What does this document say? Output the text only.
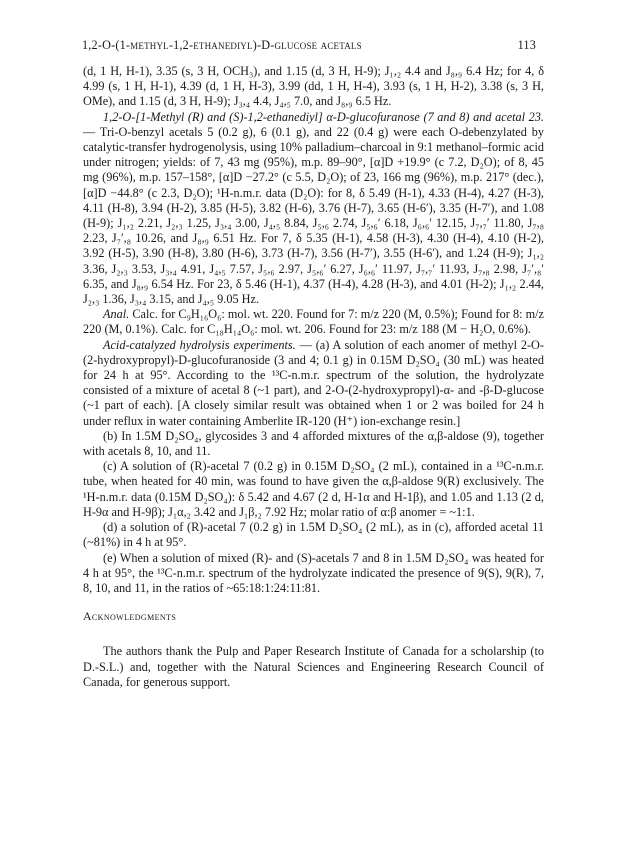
1,2-O-(1-methyl-1,2-ethanediyl)-D-glucose acetals	113

(d, 1 H, H-1), 3.35 (s, 3 H, OCH₃), and 1.15 (d, 3 H, H-9); J₁,₂ 4.4 and J₈,₉ 6.4 Hz; for 4, δ 4.99 (s, 1 H, H-1), 4.39 (d, 1 H, H-3), 3.99 (dd, 1 H, H-4), 3.93 (s, 1 H, H-2), 3.38 (s, 3 H, OMe), and 1.15 (d, 3 H, H-9); J₃,₄ 4.4, J₄,₅ 7.0, and J₈,₉ 6.5 Hz.

1,2-O-[1-Methyl (R) and (S)-1,2-ethanediyl] α-D-glucofuranose (7 and 8) and acetal 23. — Tri-O-benzyl acetals 5 (0.2 g), 6 (0.1 g), and 22 (0.4 g) were each O-debenzylated by catalytic-transfer hydrogenolysis, using 10% palladium–charcoal in 9:1 methanol–formic acid under nitrogen; yields: of 7, 43 mg (95%), m.p. 89–90°, [α]D +19.9° (c 7.2, D₂O); of 8, 45 mg (96%), m.p. 157–158°, [α]D −27.2° (c 5.5, D₂O); of 23, 166 mg (96%), m.p. 217° (dec.), [α]D −44.8° (c 2.3, D₂O); ¹H-n.m.r. data (D₂O): for 8, δ 5.49 (H-1), 4.33 (H-4), 4.27 (H-3), 4.11 (H-8), 3.94 (H-2), 3.85 (H-5), 3.82 (H-6), 3.76 (H-7), 3.65 (H-6′), 3.35 (H-7′), and 1.08 (H-9); J₁,₂ 2.21, J₂,₃ 1.25, J₃,₄ 3.00, J₄,₅ 8.84, J₅,₆ 2.74, J₅,₆′ 6.18, J₆,₆′ 12.15, J₇,₇′ 11.80, J₇,₈ 2.23, J₇′,₈ 10.26, and J₈,₉ 6.51 Hz. For 7, δ 5.35 (H-1), 4.58 (H-3), 4.30 (H-4), 4.10 (H-2), 3.92 (H-5), 3.90 (H-8), 3.80 (H-6), 3.73 (H-7), 3.56 (H-7′), 3.55 (H-6′), and 1.24 (H-9); J₁,₂ 3.36, J₂,₃ 3.53, J₃,₄ 4.91, J₄,₅ 7.57, J₅,₆ 2.97, J₅,₆′ 6.27, J₆,₆′ 11.97, J₇,₇′ 11.93, J₇,₈ 2.98, J₇′,₈′ 6.35, and J₈,₉ 6.54 Hz. For 23, δ 5.46 (H-1), 4.37 (H-4), 4.28 (H-3), and 4.01 (H-2); J₁,₂ 2.44, J₂,₃ 1.36, J₃,₄ 3.15, and J₄,₅ 9.05 Hz.

Anal. Calc. for C₉H₁₆O₆: mol. wt. 220. Found for 7: m/z 220 (M, 0.5%); Found for 8: m/z 220 (M, 0.1%). Calc. for C₁₈H₁₄O₆: mol. wt. 206. Found for 23: m/z 188 (M − H₂O, 0.6%).

Acid-catalyzed hydrolysis experiments. — (a) A solution of each anomer of methyl 2-O-(2-hydroxypropyl)-D-glucofuranoside (3 and 4; 0.1 g) in 0.15M D₂SO₄ (30 mL) was heated for 24 h at 95°. According to the ¹³C-n.m.r. spectrum of the solution, the hydrolyzate consisted of a mixture of acetal 8 (~1 part), and 2-O-(2-hydroxypropyl)-α- and -β-D-glucose (~1 part of each). [A closely similar result was obtained when 1 or 2 was boiled for 24 h under reflux in water containing Amberlite IR-120 (H⁺) ion-exchange resin.]

(b) In 1.5M D₂SO₄, glycosides 3 and 4 afforded mixtures of the α,β-aldose (9), together with acetals 8, 10, and 11.

(c) A solution of (R)-acetal 7 (0.2 g) in 0.15M D₂SO₄ (2 mL), contained in a ¹³C-n.m.r. tube, when heated for 40 min, was found to have given the α,β-aldose 9(R) exclusively. The ¹H-n.m.r. data (0.15M D₂SO₄): δ 5.42 and 4.67 (2 d, H-1α and H-1β), and 1.05 and 1.13 (2 d, H-9α and H-9β); J₁α,₂ 3.42 and J₁β,₂ 7.92 Hz; molar ratio of α:β anomer = ~1:1.

(d) a solution of (R)-acetal 7 (0.2 g) in 1.5M D₂SO₄ (2 mL), as in (c), afforded acetal 11 (~81%) in 4 h at 95°.

(e) When a solution of mixed (R)- and (S)-acetals 7 and 8 in 1.5M D₂SO₄ was heated for 4 h at 95°, the ¹³C-n.m.r. spectrum of the hydrolyzate indicated the presence of 9(S), 9(R), 7, 8, 10, and 11, in the ratios of ~65:18:1:24:11:81.

Acknowledgments

The authors thank the Pulp and Paper Research Institute of Canada for a scholarship (to D.-S.L.) and, together with the Natural Sciences and Engineering Research Council of Canada, for generous support.
